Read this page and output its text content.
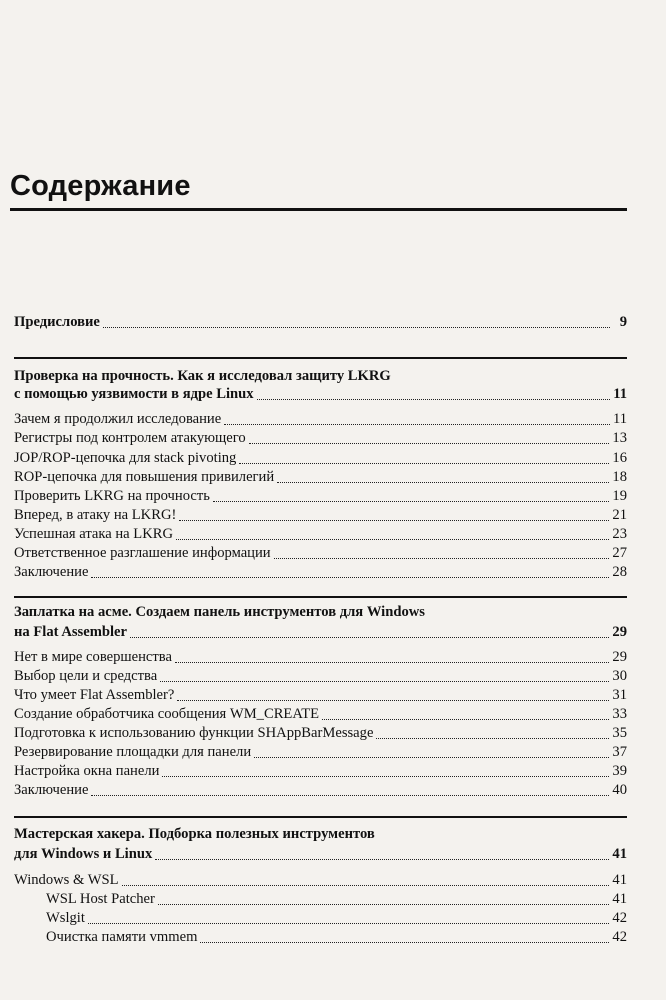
Содержание
Предисловие	9
Проверка на прочность. Как я исследовал защиту LKRG
с помощью уязвимости в ядре Linux	11
Зачем я продолжил исследование	11
Регистры под контролем атакующего	13
JOP/ROP-цепочка для stack pivoting	16
ROP-цепочка для повышения привилегий	18
Проверить LKRG на прочность	19
Вперед, в атаку на LKRG!	21
Успешная атака на LKRG	23
Ответственное разглашение информации	27
Заключение	28
Заплатка на асме. Создаем панель инструментов для Windows
на Flat Assembler	29
Нет в мире совершенства	29
Выбор цели и средства	30
Что умеет Flat Assembler?	31
Создание обработчика сообщения WM_CREATE	33
Подготовка к использованию функции SHAppBarMessage	35
Резервирование площадки для панели	37
Настройка окна панели	39
Заключение	40
Мастерская хакера. Подборка полезных инструментов
для Windows и Linux	41
Windows & WSL	41
WSL Host Patcher	41
Wslgit	42
Очистка памяти vmmem	42
